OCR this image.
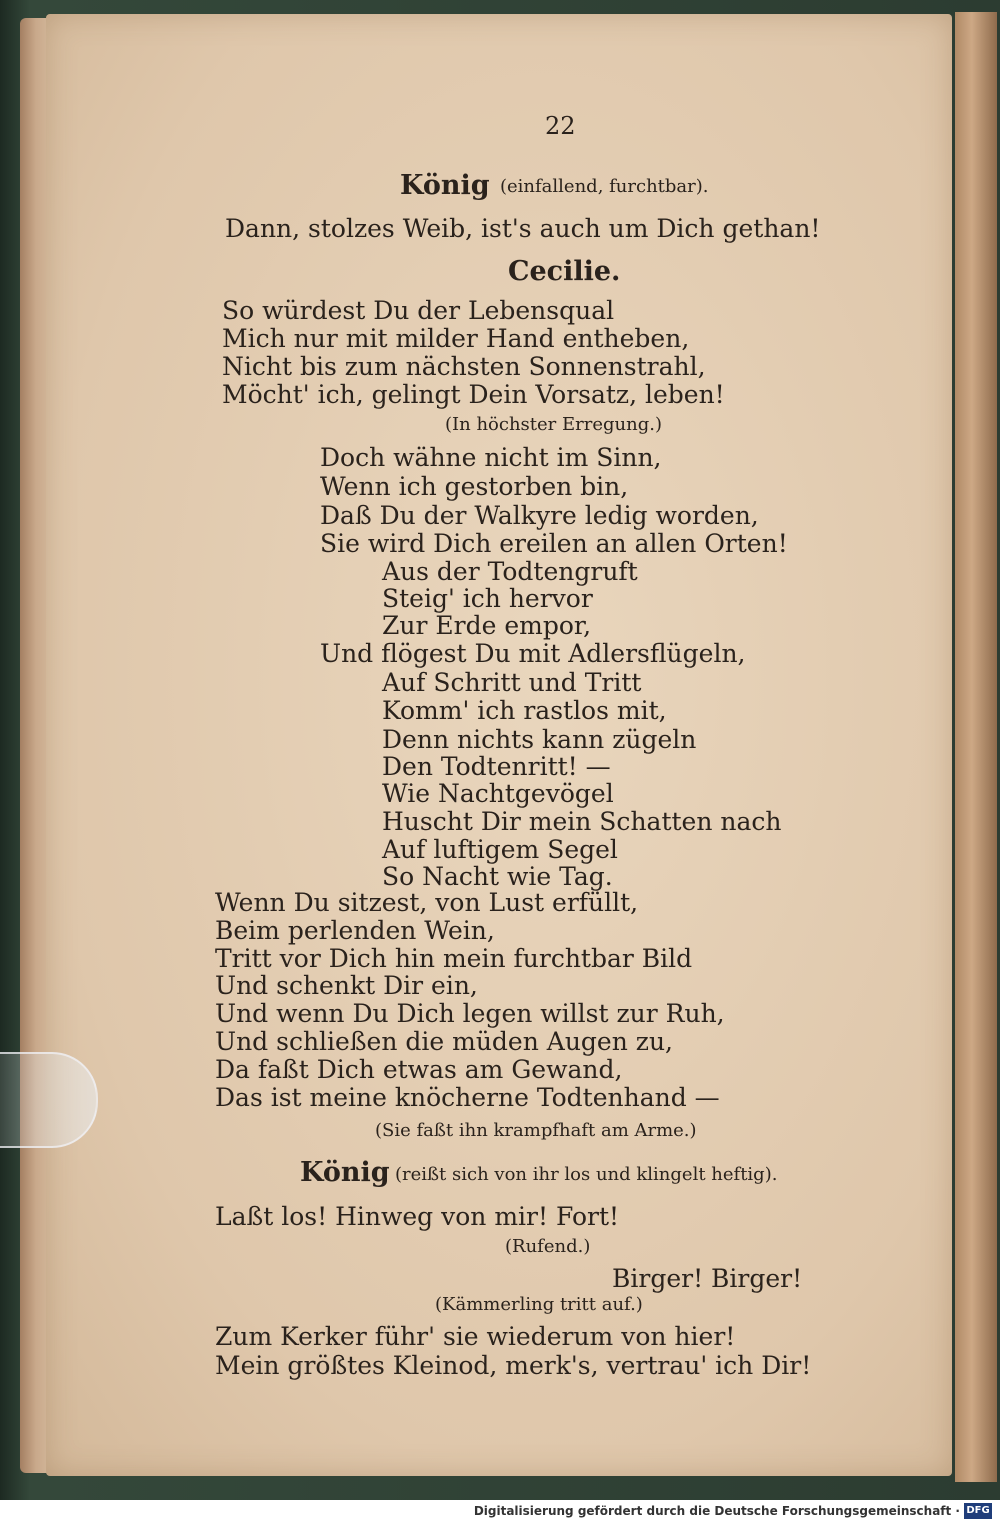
22
König (einfallend, furchtbar).
Dann, stolzes Weib, ist's auch um Dich gethan!
Cecilie.
So würdest Du der Lebensqual
Mich nur mit milder Hand entheben,
Nicht bis zum nächsten Sonnenstrahl,
Möcht' ich, gelingt Dein Vorsatz, leben!
(In höchster Erregung.)
Doch wähne nicht im Sinn,
Wenn ich gestorben bin,
Daß Du der Walkyre ledig worden,
Sie wird Dich ereilen an allen Orten!
Aus der Todtengruft
Steig' ich hervor
Zur Erde empor,
Und flögest Du mit Adlersflügeln,
Auf Schritt und Tritt
Komm' ich rastlos mit,
Denn nichts kann zügeln
Den Todtenritt! —
Wie Nachtgevögel
Huscht Dir mein Schatten nach
Auf luftigem Segel
So Nacht wie Tag.
Wenn Du sitzest, von Lust erfüllt,
Beim perlenden Wein,
Tritt vor Dich hin mein furchtbar Bild
Und schenkt Dir ein,
Und wenn Du Dich legen willst zur Ruh,
Und schließen die müden Augen zu,
Da faßt Dich etwas am Gewand,
Das ist meine knöcherne Todtenhand —
(Sie faßt ihn krampfhaft am Arme.)
König (reißt sich von ihr los und klingelt heftig).
Laßt los! Hinweg von mir! Fort!
(Rufend.)
Birger! Birger!
(Kämmerling tritt auf.)
Zum Kerker führ' sie wiederum von hier!
Mein größtes Kleinod, merk's, vertrau' ich Dir!
Digitalisierung gefördert durch die Deutsche Forschungsgemeinschaft · DFG
